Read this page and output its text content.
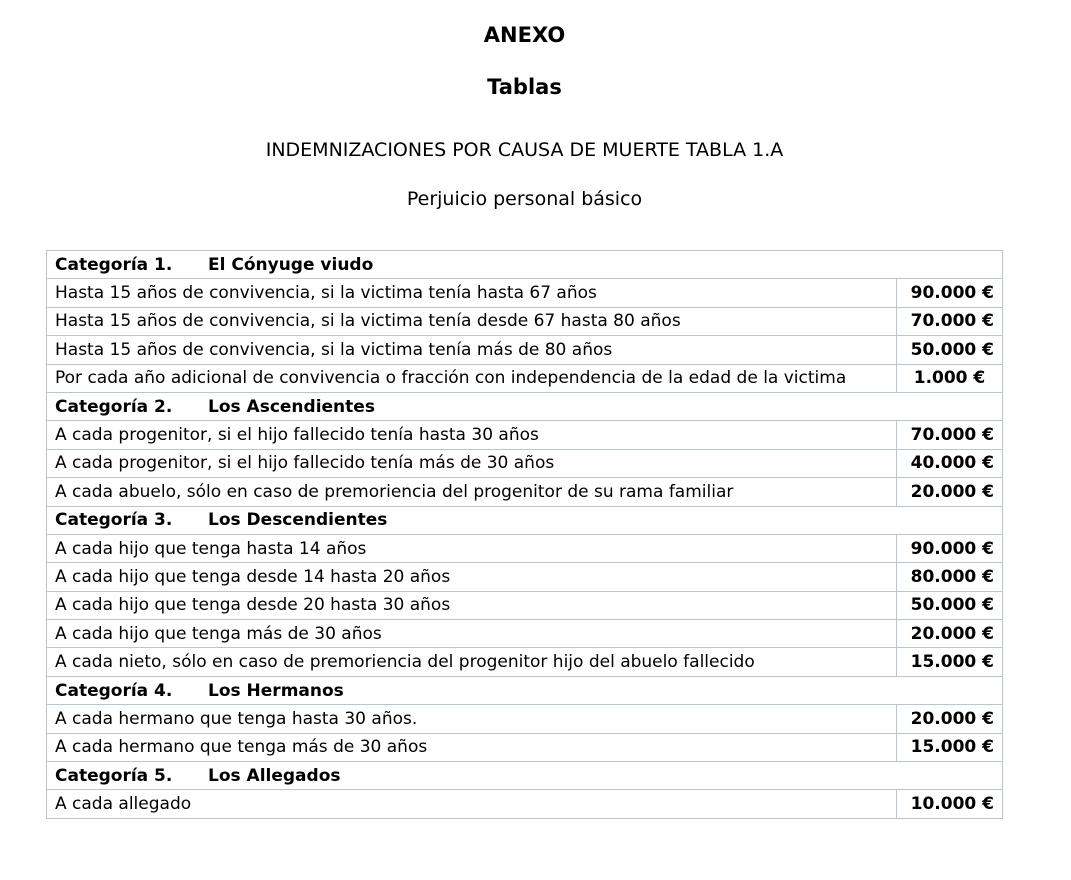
ANEXO
Tablas
INDEMNIZACIONES POR CAUSA DE MUERTE TABLA 1.A
Perjuicio personal básico
Categoría 1. El Cónyuge viudo	
Hasta 15 años de convivencia, si la victima tenía hasta 67 años	90.000 €
Hasta 15 años de convivencia, si la victima tenía desde 67 hasta 80 años	70.000 €
Hasta 15 años de convivencia, si la victima tenía más de 80 años	50.000 €
Por cada año adicional de convivencia o fracción con independencia de la edad de la victima	1.000 €
Categoría 2. Los Ascendientes	
A cada progenitor, si el hijo fallecido tenía hasta 30 años	70.000 €
A cada progenitor, si el hijo fallecido tenía más de 30 años	40.000 €
A cada abuelo, sólo en caso de premoriencia del progenitor de su rama familiar	20.000 €
Categoría 3. Los Descendientes	
A cada hijo que tenga hasta 14 años	90.000 €
A cada hijo que tenga desde 14 hasta 20 años	80.000 €
A cada hijo que tenga desde 20 hasta 30 años	50.000 €
A cada hijo que tenga más de 30 años	20.000 €
A cada nieto, sólo en caso de premoriencia del progenitor hijo del abuelo fallecido	15.000 €
Categoría 4. Los Hermanos	
A cada hermano que tenga hasta 30 años.	20.000 €
A cada hermano que tenga más de 30 años	15.000 €
Categoría 5. Los Allegados	
A cada allegado	10.000 €
